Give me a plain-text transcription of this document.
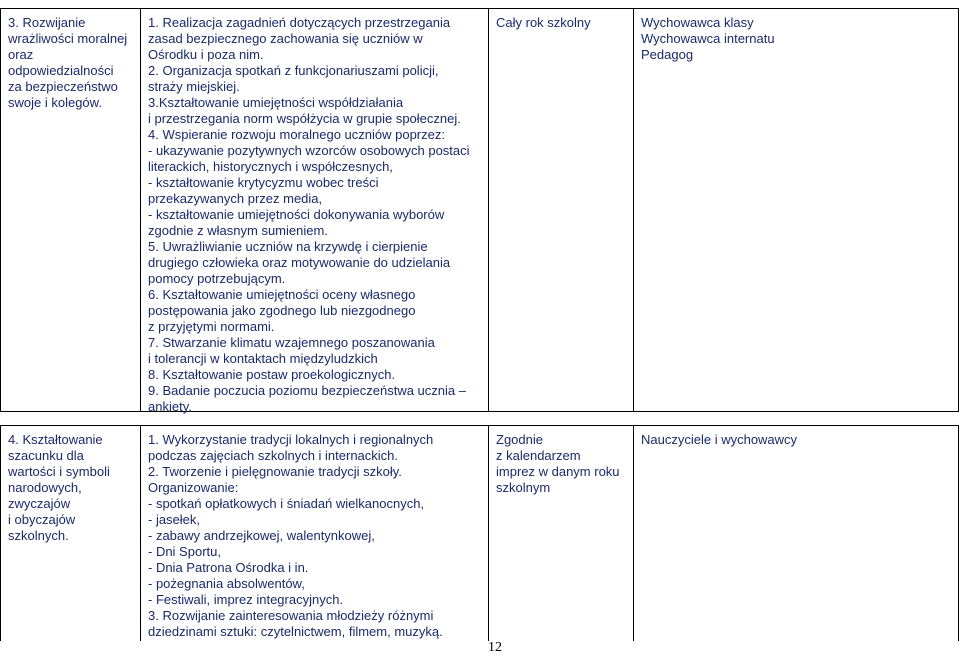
3. Rozwijanie
wrażliwości moralnej
oraz
odpowiedzialności
za bezpieczeństwo
swoje i kolegów.
1. Realizacja zagadnień dotyczących przestrzegania
zasad bezpiecznego zachowania się uczniów w
Ośrodku i poza nim.
2. Organizacja spotkań z funkcjonariuszami policji,
straży miejskiej.
3.Kształtowanie umiejętności współdziałania
i przestrzegania norm współżycia w grupie społecznej.
4. Wspieranie rozwoju moralnego uczniów poprzez:
- ukazywanie pozytywnych wzorców osobowych postaci
literackich, historycznych i współczesnych,
- kształtowanie krytycyzmu wobec treści
przekazywanych przez media,
- kształtowanie umiejętności dokonywania wyborów
zgodnie z własnym sumieniem.
5. Uwrażliwianie uczniów na krzywdę i cierpienie
drugiego człowieka oraz motywowanie do udzielania
pomocy potrzebującym.
6. Kształtowanie umiejętności oceny własnego
postępowania jako zgodnego lub niezgodnego
z przyjętymi normami.
7. Stwarzanie klimatu wzajemnego poszanowania
i tolerancji w kontaktach międzyludzkich
8. Kształtowanie postaw proekologicznych.
9. Badanie poczucia poziomu bezpieczeństwa ucznia –
ankiety.
Cały rok szkolny	Wychowawca klasy
Wychowawca internatu
Pedagog
4. Kształtowanie
szacunku dla
wartości i symboli
narodowych,
zwyczajów
i obyczajów
szkolnych.
1. Wykorzystanie tradycji lokalnych i regionalnych
podczas zajęciach szkolnych i internackich.
2. Tworzenie i pielęgnowanie tradycji szkoły.
Organizowanie:
- spotkań opłatkowych i śniadań wielkanocnych,
- jasełek,
- zabawy andrzejkowej, walentynkowej,
- Dni Sportu,
- Dnia Patrona Ośrodka i in.
- pożegnania absolwentów,
- Festiwali, imprez integracyjnych.
3. Rozwijanie zainteresowania młodzieży różnymi
dziedzinami sztuki: czytelnictwem, filmem, muzyką.
Zgodnie
z kalendarzem
imprez w danym roku
szkolnym
Nauczyciele i wychowawcy
12
